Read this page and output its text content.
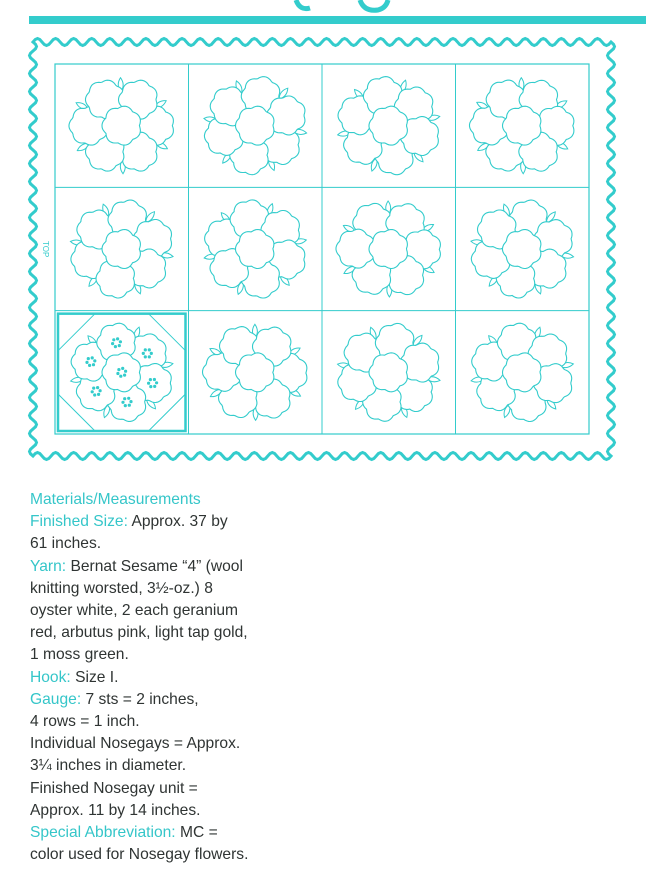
TOP
Materials/Measurements
Finished Size: Approx. 37 by
61 inches.
Yarn: Bernat Sesame “4” (wool
knitting worsted, 3½-oz.) 8
oyster white, 2 each geranium
red, arbutus pink, light tap gold,
1 moss green.
Hook: Size I.
Gauge: 7 sts = 2 inches,
4 rows = 1 inch.
Individual Nosegays = Approx.
3¼ inches in diameter.
Finished Nosegay unit =
Approx. 11 by 14 inches.
Special Abbreviation: MC =
color used for Nosegay flowers.
